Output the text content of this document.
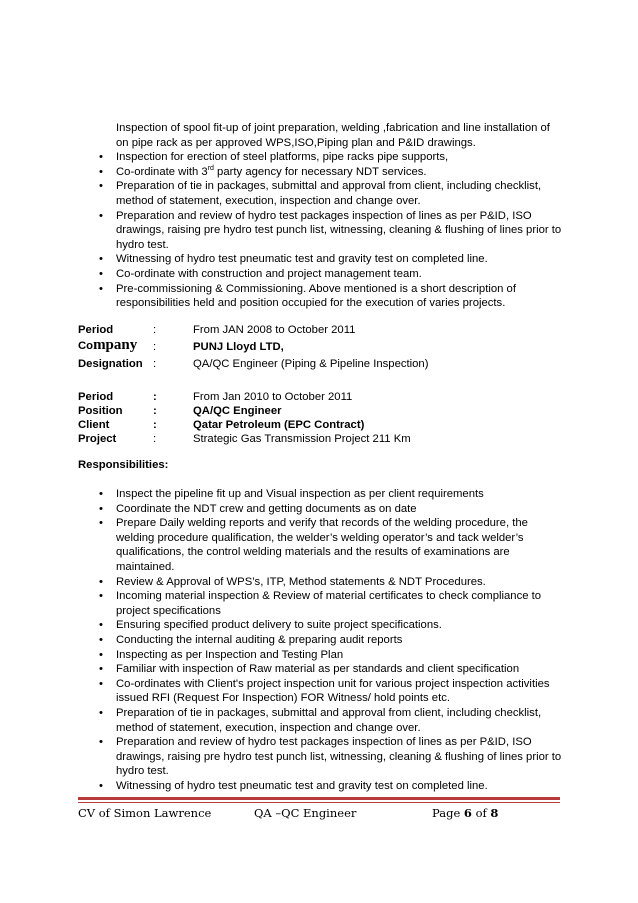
Inspection of spool fit-up of joint preparation, welding ,fabrication and line installation of on pipe rack as per approved WPS,ISO,Piping plan and P&ID drawings.
• Inspection for erection of steel platforms, pipe racks pipe supports,
• Co-ordinate with 3rd party agency for necessary NDT services.
• Preparation of tie in packages, submittal and approval from client, including checklist, method of statement, execution, inspection and change over.
• Preparation and review of hydro test packages inspection of lines as per P&ID, ISO drawings, raising pre hydro test punch list, witnessing, cleaning & flushing of lines prior to hydro test.
• Witnessing of hydro test pneumatic test and gravity test on completed line.
• Co-ordinate with construction and project management team.
• Pre-commissioning & Commissioning. Above mentioned is a short description of responsibilities held and position occupied for the execution of varies projects.
Period	:	From JAN 2008 to October 2011
Company :	PUNJ Lloyd LTD,
Designation :	QA/QC Engineer (Piping & Pipeline Inspection)
Period	:	From Jan 2010 to October 2011
Position	:	QA/QC Engineer
Client	:	Qatar Petroleum (EPC Contract)
Project	:	Strategic Gas Transmission Project 211 Km
Responsibilities:
• Inspect the pipeline fit up and Visual inspection as per client requirements
• Coordinate the NDT crew and getting documents as on date
• Prepare Daily welding reports and verify that records of the welding procedure, the welding procedure qualification, the welder’s welding operator’s and tack welder’s qualifications, the control welding materials and the results of examinations are maintained.
• Review & Approval of WPS’s, ITP, Method statements & NDT Procedures.
• Incoming material inspection & Review of material certificates to check compliance to project specifications
• Ensuring specified product delivery to suite project specifications.
• Conducting the internal auditing & preparing audit reports
• Inspecting as per Inspection and Testing Plan
• Familiar with inspection of Raw material as per standards and client specification
• Co-ordinates with Client's project inspection unit for various project inspection activities issued RFI (Request For Inspection) FOR Witness/ hold points etc.
• Preparation of tie in packages, submittal and approval from client, including checklist, method of statement, execution, inspection and change over.
• Preparation and review of hydro test packages inspection of lines as per P&ID, ISO drawings, raising pre hydro test punch list, witnessing, cleaning & flushing of lines prior to hydro test.
• Witnessing of hydro test pneumatic test and gravity test on completed line.
CV of Simon Lawrence	QA –QC Engineer	Page 6 of 8
